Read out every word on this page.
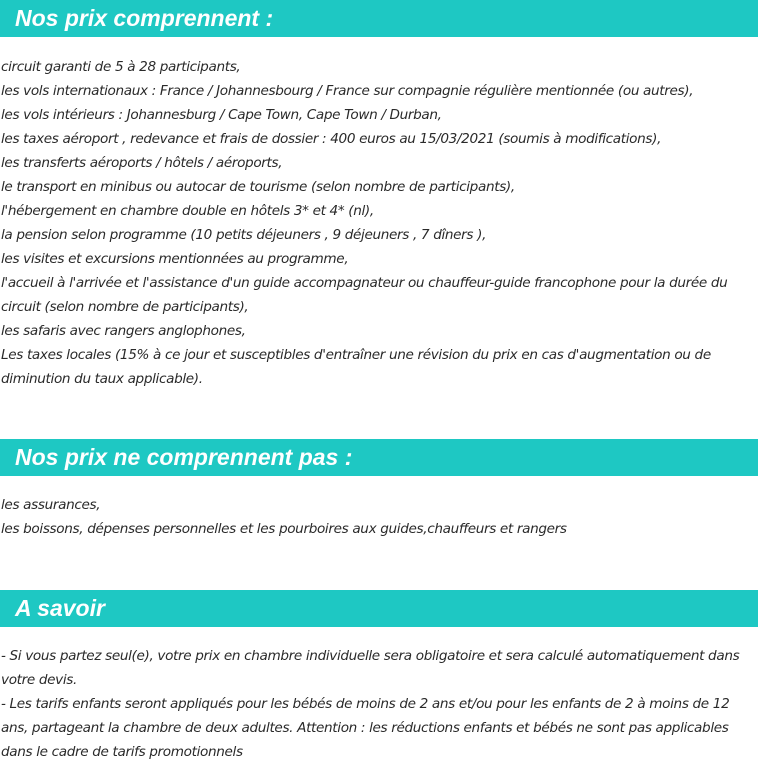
Nos prix comprennent :
circuit garanti de 5 à 28 participants,
les vols internationaux : France / Johannesbourg / France sur compagnie régulière mentionnée (ou autres),
les vols intérieurs : Johannesburg / Cape Town, Cape Town / Durban,
les taxes aéroport , redevance et frais de dossier : 400 euros au 15/03/2021 (soumis à modifications),
les transferts aéroports / hôtels / aéroports,
le transport en minibus ou autocar de tourisme (selon nombre de participants),
l'hébergement en chambre double en hôtels 3* et 4* (nl),
la pension selon programme (10 petits déjeuners , 9 déjeuners , 7 dîners ),
les visites et excursions mentionnées au programme,
l'accueil à l'arrivée et l'assistance d'un guide accompagnateur ou chauffeur-guide francophone pour la durée du circuit (selon nombre de participants),
les safaris avec rangers anglophones,
Les taxes locales (15% à ce jour et susceptibles d'entraîner une révision du prix en cas d'augmentation ou de diminution du taux applicable).
Nos prix ne comprennent pas :
les assurances,
les boissons, dépenses personnelles et les pourboires aux guides,chauffeurs et rangers
A savoir
- Si vous partez seul(e), votre prix en chambre individuelle sera obligatoire et sera calculé automatiquement dans votre devis.
- Les tarifs enfants seront appliqués pour les bébés de moins de 2 ans et/ou pour les enfants de 2 à moins de 12 ans, partageant la chambre de deux adultes. Attention : les réductions enfants et bébés ne sont pas applicables dans le cadre de tarifs promotionnels
